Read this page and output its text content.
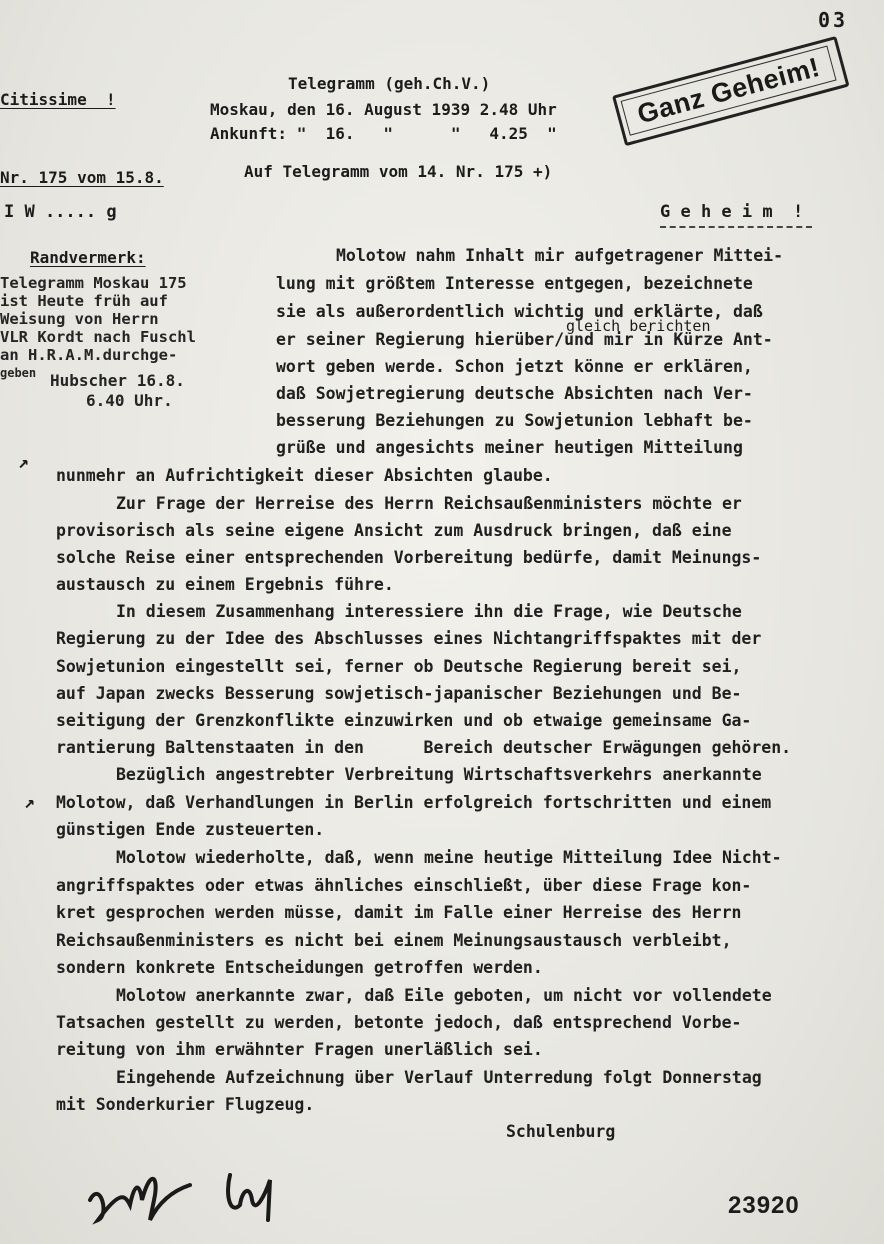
03
Telegramm (geh.Ch.V.)
Moskau, den 16. August 1939 2.48 Uhr
Ankunft: "  16.   "      "   4.25  "
Auf Telegramm vom 14. Nr. 175 +)
Citissime  !
Nr. 175 vom 15.8.
I W ..... g
Ganz Geheim!
G e h e i m  !
Randvermerk:
Telegramm Moskau 175
ist Heute früh auf
Weisung von Herrn
VLR Kordt nach Fuschl
an H.R.A.M.durchge-
geben Hubscher 16.8.
6.40 Uhr.
gleich berichten
Molotow nahm Inhalt mir aufgetragener Mittei-
lung mit größtem Interesse entgegen, bezeichnete
sie als außerordentlich wichtig und erklärte, daß
er seiner Regierung hierüber/und mir in Kürze Ant-
wort geben werde. Schon jetzt könne er erklären,
daß Sowjetregierung deutsche Absichten nach Ver-
besserung Beziehungen zu Sowjetunion lebhaft be-
grüße und angesichts meiner heutigen Mitteilung
nunmehr an Aufrichtigkeit dieser Absichten glaube.
Zur Frage der Herreise des Herrn Reichsaußenministers möchte er
provisorisch als seine eigene Ansicht zum Ausdruck bringen, daß eine
solche Reise einer entsprechenden Vorbereitung bedürfe, damit Meinungs-
austausch zu einem Ergebnis führe.
In diesem Zusammenhang interessiere ihn die Frage, wie Deutsche
Regierung zu der Idee des Abschlusses eines Nichtangriffspaktes mit der
Sowjetunion eingestellt sei, ferner ob Deutsche Regierung bereit sei,
auf Japan zwecks Besserung sowjetisch-japanischer Beziehungen und Be-
seitigung der Grenzkonflikte einzuwirken und ob etwaige gemeinsame Ga-
rantierung Baltenstaaten in den      Bereich deutscher Erwägungen gehören.
Bezüglich angestrebter Verbreitung Wirtschaftsverkehrs anerkannte
Molotow, daß Verhandlungen in Berlin erfolgreich fortschritten und einem
günstigen Ende zusteuerten.
Molotow wiederholte, daß, wenn meine heutige Mitteilung Idee Nicht-
angriffspaktes oder etwas ähnliches einschließt, über diese Frage kon-
kret gesprochen werden müsse, damit im Falle einer Herreise des Herrn
Reichsaußenministers es nicht bei einem Meinungsaustausch verbleibt,
sondern konkrete Entscheidungen getroffen werden.
Molotow anerkannte zwar, daß Eile geboten, um nicht vor vollendete
Tatsachen gestellt zu werden, betonte jedoch, daß entsprechend Vorbe-
reitung von ihm erwähnter Fragen unerläßlich sei.
Eingehende Aufzeichnung über Verlauf Unterredung folgt Donnerstag
mit Sonderkurier Flugzeug.
↗
↗
Schulenburg
23920
